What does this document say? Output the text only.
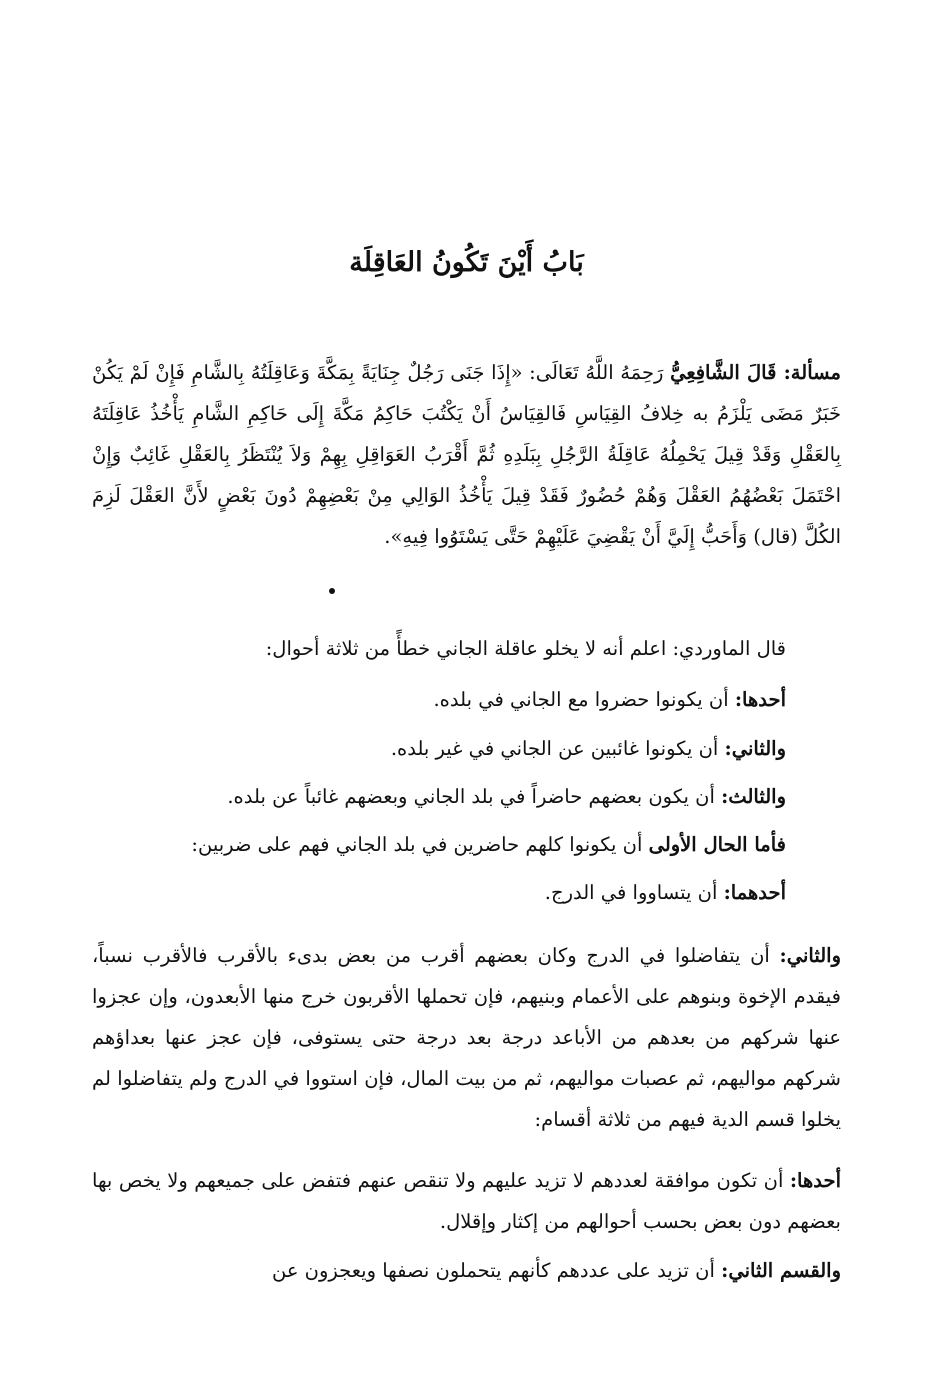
بَابُ أَيْنَ تَكُونُ العَاقِلَة

مسألة: قَالَ الشَّافِعِيُّ رَحِمَهُ اللَّهُ تَعَالَى: «إِذَا جَنَى رَجُلٌ جِنَايَةً بِمَكَّةَ وَعَاقِلَتُهُ بِالشَّامِ فَإِنْ لَمْ يَكُنْ خَبَرٌ مَضَى يَلْزَمُ به خِلافُ القِيَاسِ فَالقِيَاسُ أَنْ يَكْتُبَ حَاكِمُ مَكَّةَ إِلَى حَاكِمِ الشَّامِ يَأْخُذُ عَاقِلَتَهُ بِالعَقْلِ وَقَدْ قِيلَ يَحْمِلُهُ عَاقِلَةُ الرَّجُلِ بِبَلَدِهِ ثُمَّ أَقْرَبُ العَوَاقِلِ بِهِمْ وَلاَ يُنْتَظَرُ بِالعَقْلِ غَائِبٌ وَإِنْ احْتَمَلَ بَعْضُهُمُ العَقْلَ وَهُمْ حُضُورٌ فَقَدْ قِيلَ يَأْخُذُ الوَالِي مِنْ بَعْضِهِمْ دُونَ بَعْضٍ لأَنَّ العَقْلَ لَزِمَ الكُلَّ (قال) وَأَحَبُّ إِلَيَّ أَنْ يَقْضِيَ عَلَيْهِمْ حَتَّى يَسْتَوُوا فِيهِ».

قال الماوردي: اعلم أنه لا يخلو عاقلة الجاني خطأً من ثلاثة أحوال:

أحدها: أن يكونوا حضروا مع الجاني في بلده.

والثاني: أن يكونوا غائبين عن الجاني في غير بلده.

والثالث: أن يكون بعضهم حاضراً في بلد الجاني وبعضهم غائباً عن بلده.

فأما الحال الأولى أن يكونوا كلهم حاضرين في بلد الجاني فهم على ضربين:

أحدهما: أن يتساووا في الدرج.

والثاني: أن يتفاضلوا في الدرج وكان بعضهم أقرب من بعض بدىء بالأقرب فالأقرب نسباً، فيقدم الإخوة وبنوهم على الأعمام وبنيهم، فإن تحملها الأقربون خرج منها الأبعدون، وإن عجزوا عنها شركهم من بعدهم من الأباعد درجة بعد درجة حتى يستوفى، فإن عجز عنها بعداؤهم شركهم مواليهم، ثم عصبات مواليهم، ثم من بيت المال، فإن استووا في الدرج ولم يتفاضلوا لم يخلوا قسم الدية فيهم من ثلاثة أقسام:

أحدها: أن تكون موافقة لعددهم لا تزيد عليهم ولا تنقص عنهم فتفض على جميعهم ولا يخص بها بعضهم دون بعض بحسب أحوالهم من إكثار وإقلال.

والقسم الثاني: أن تزيد على عددهم كأنهم يتحملون نصفها ويعجزون عن
